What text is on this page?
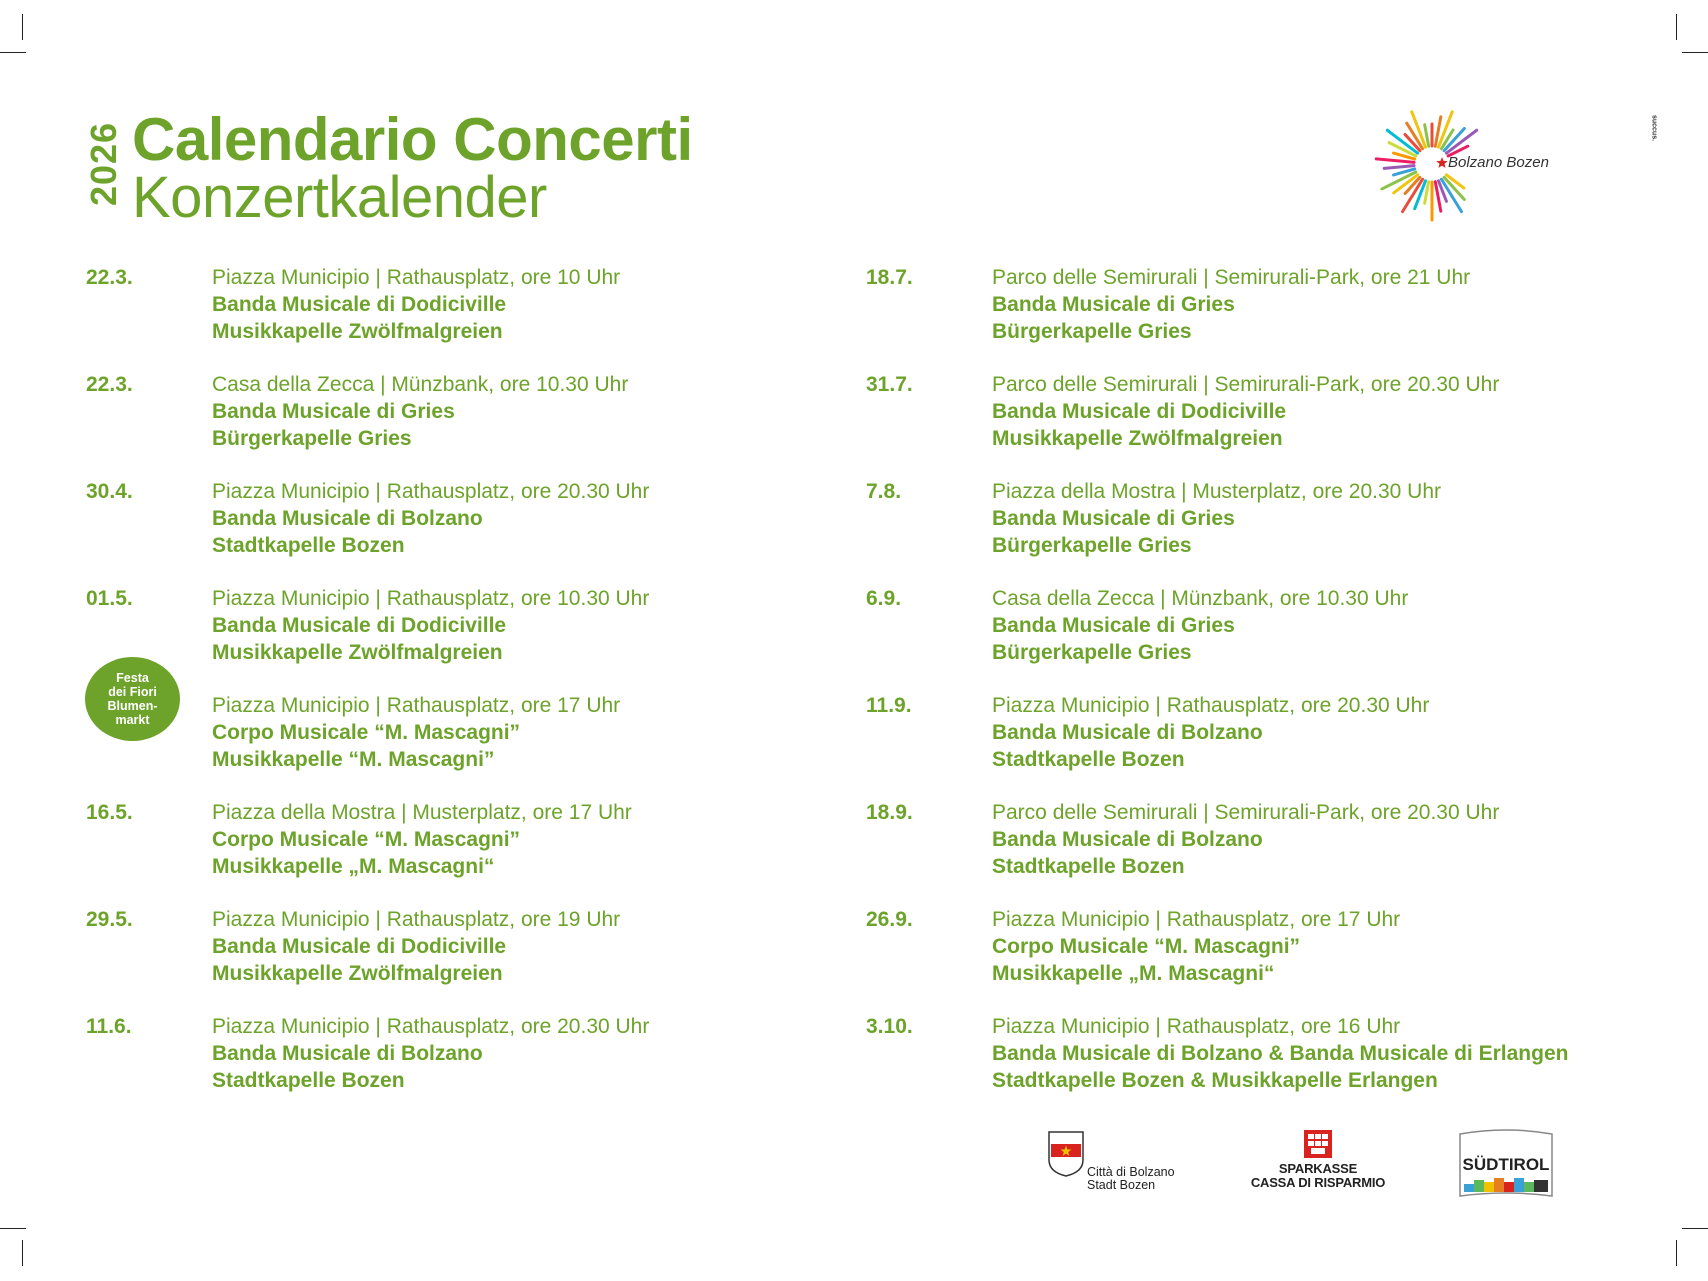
2026 Calendario Concerti
Konzertkalender
Bolzano Bozen
succus.
22.3.	Piazza Municipio | Rathausplatz, ore 10 Uhr
Banda Musicale di Dodiciville
Musikkapelle Zwölfmalgreien
22.3.	Casa della Zecca | Münzbank, ore 10.30 Uhr
Banda Musicale di Gries
Bürgerkapelle Gries
30.4.	Piazza Municipio | Rathausplatz, ore 20.30 Uhr
Banda Musicale di Bolzano
Stadtkapelle Bozen
01.5.	Piazza Municipio | Rathausplatz, ore 10.30 Uhr
Banda Musicale di Dodiciville
Musikkapelle Zwölfmalgreien
Piazza Municipio | Rathausplatz, ore 17 Uhr
Corpo Musicale “M. Mascagni”
Musikkapelle “M. Mascagni”
16.5.	Piazza della Mostra | Musterplatz, ore 17 Uhr
Corpo Musicale “M. Mascagni”
Musikkapelle „M. Mascagni“
29.5.	Piazza Municipio | Rathausplatz, ore 19 Uhr
Banda Musicale di Dodiciville
Musikkapelle Zwölfmalgreien
11.6.	Piazza Municipio | Rathausplatz, ore 20.30 Uhr
Banda Musicale di Bolzano
Stadtkapelle Bozen
18.7.	Parco delle Semirurali | Semirurali-Park, ore 21 Uhr
Banda Musicale di Gries
Bürgerkapelle Gries
31.7.	Parco delle Semirurali | Semirurali-Park, ore 20.30 Uhr
Banda Musicale di Dodiciville
Musikkapelle Zwölfmalgreien
7.8.	Piazza della Mostra | Musterplatz, ore 20.30 Uhr
Banda Musicale di Gries
Bürgerkapelle Gries
6.9.	Casa della Zecca | Münzbank, ore 10.30 Uhr
Banda Musicale di Gries
Bürgerkapelle Gries
11.9.	Piazza Municipio | Rathausplatz, ore 20.30 Uhr
Banda Musicale di Bolzano
Stadtkapelle Bozen
18.9.	Parco delle Semirurali | Semirurali-Park, ore 20.30 Uhr
Banda Musicale di Bolzano
Stadtkapelle Bozen
26.9.	Piazza Municipio | Rathausplatz, ore 17 Uhr
Corpo Musicale “M. Mascagni”
Musikkapelle „M. Mascagni“
3.10.	Piazza Municipio | Rathausplatz, ore 16 Uhr
Banda Musicale di Bolzano & Banda Musicale di Erlangen
Stadtkapelle Bozen & Musikkapelle Erlangen
Festa
dei Fiori
Blumen-
markt
Città di Bolzano
Stadt Bozen
SPARKASSE
CASSA DI RISPARMIO
SÜDTIROL
